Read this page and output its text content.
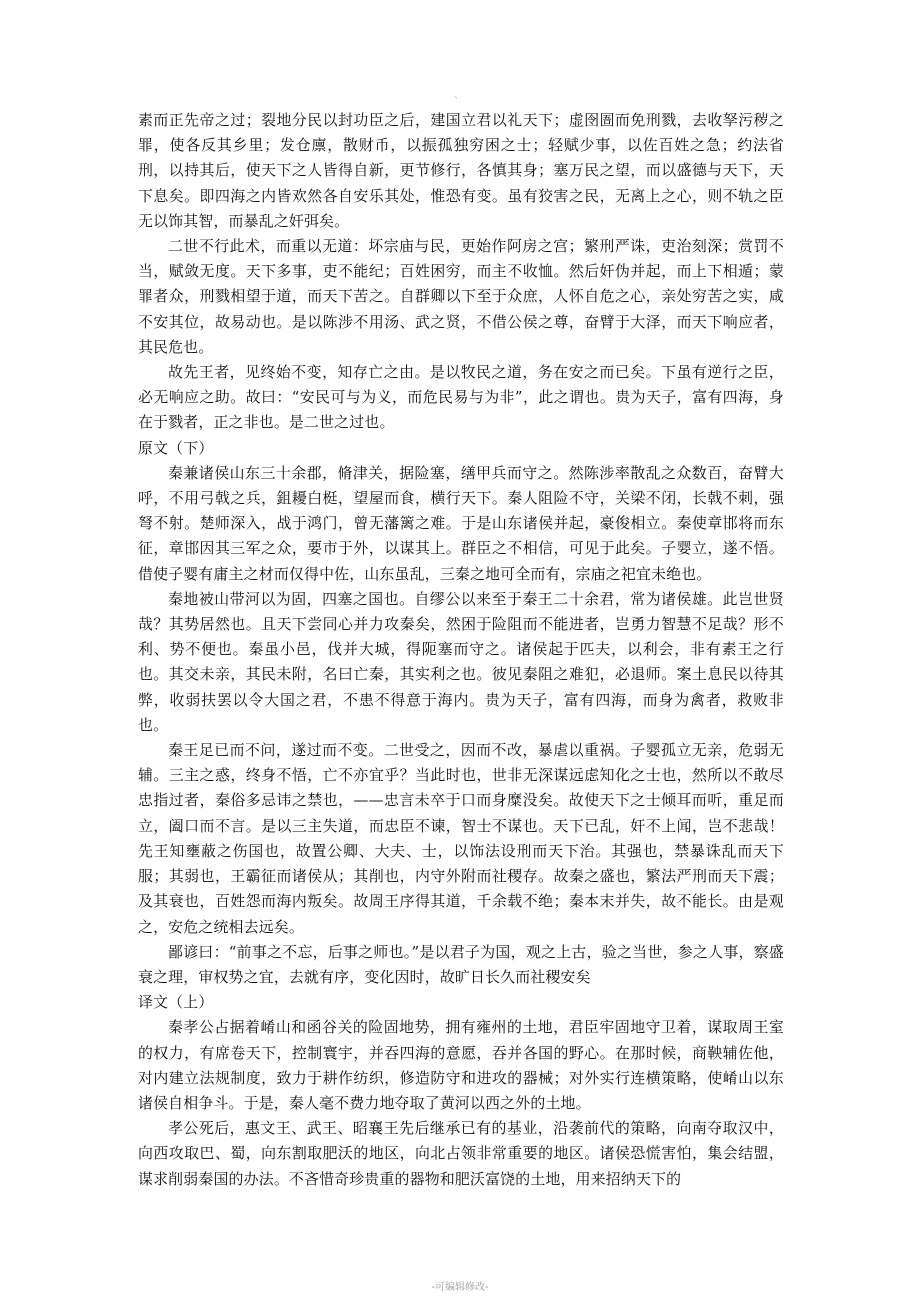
、

素而正先帝之过；裂地分民以封功臣之后，建国立君以礼天下；虚囹圄而免刑戮，去收孥污秽之罪，使各反其乡里；发仓廪，散财币，以振孤独穷困之士；轻赋少事，以佐百姓之急；约法省刑，以持其后，使天下之人皆得自新，更节修行，各慎其身；塞万民之望，而以盛德与天下，天下息矣。即四海之内皆欢然各自安乐其处，惟恐有变。虽有狡害之民，无离上之心，则不轨之臣无以饰其智，而暴乱之奸弭矣。

二世不行此术，而重以无道：坏宗庙与民，更始作阿房之宫；繁刑严诛，吏治刻深；赏罚不当，赋敛无度。天下多事，吏不能纪；百姓困穷，而主不收恤。然后奸伪并起，而上下相遁；蒙罪者众，刑戮相望于道，而天下苦之。自群卿以下至于众庶，人怀自危之心，亲处穷苦之实，咸不安其位，故易动也。是以陈涉不用汤、武之贤，不借公侯之尊，奋臂于大泽，而天下响应者，其民危也。

故先王者，见终始不变，知存亡之由。是以牧民之道，务在安之而已矣。下虽有逆行之臣，必无响应之助。故曰：“安民可与为义，而危民易与为非”，此之谓也。贵为天子，富有四海，身在于戮者，正之非也。是二世之过也。

原文（下）

秦兼诸侯山东三十余郡，脩津关，据险塞，缮甲兵而守之。然陈涉率散乱之众数百，奋臂大呼，不用弓戟之兵，鉏耰白梃，望屋而食，横行天下。秦人阻险不守，关梁不闭，长戟不刺，强弩不射。楚师深入，战于鸿门，曾无藩篱之难。于是山东诸侯并起，豪俊相立。秦使章邯将而东征，章邯因其三军之众，要市于外，以谋其上。群臣之不相信，可见于此矣。子婴立，遂不悟。借使子婴有庸主之材而仅得中佐，山东虽乱，三秦之地可全而有，宗庙之祀宜未绝也。

秦地被山带河以为固，四塞之国也。自缪公以来至于秦王二十余君，常为诸侯雄。此岂世贤哉？其势居然也。且天下尝同心并力攻秦矣，然困于险阻而不能进者，岂勇力智慧不足哉？形不利、势不便也。秦虽小邑，伐并大城，得阨塞而守之。诸侯起于匹夫，以利会，非有素王之行也。其交未亲，其民未附，名曰亡秦，其实利之也。彼见秦阻之难犯，必退师。案土息民以待其弊，收弱扶罢以令大国之君，不患不得意于海内。贵为天子，富有四海，而身为禽者，救败非也。

秦王足已而不问，遂过而不变。二世受之，因而不改，暴虐以重祸。子婴孤立无亲，危弱无辅。三主之惑，终身不悟，亡不亦宜乎？当此时也，世非无深谋远虑知化之士也，然所以不敢尽忠指过者，秦俗多忌讳之禁也，——忠言未卒于口而身糜没矣。故使天下之士倾耳而听，重足而立，阖口而不言。是以三主失道，而忠臣不谏，智士不谋也。天下已乱，奸不上闻，岂不悲哉！先王知壅蔽之伤国也，故置公卿、大夫、士，以饰法设刑而天下治。其强也，禁暴诛乱而天下服；其弱也，王霸征而诸侯从；其削也，内守外附而社稷存。故秦之盛也，繁法严刑而天下震；及其衰也，百姓怨而海内叛矣。故周王序得其道，千余载不绝；秦本末并失，故不能长。由是观之，安危之统相去远矣。

鄙谚曰：“前事之不忘，后事之师也。”是以君子为国，观之上古，验之当世，参之人事，察盛衰之理，审权势之宜，去就有序，变化因时，故旷日长久而社稷安矣

译文（上）

秦孝公占据着崤山和函谷关的险固地势，拥有雍州的土地，君臣牢固地守卫着，谋取周王室的权力，有席卷天下，控制寰宇，并吞四海的意愿，吞并各国的野心。在那时候，商鞅辅佐他，对内建立法规制度，致力于耕作纺织，修造防守和进攻的器械；对外实行连横策略，使崤山以东诸侯自相争斗。于是，秦人毫不费力地夺取了黄河以西之外的土地。

孝公死后，惠文王、武王、昭襄王先后继承已有的基业，沿袭前代的策略，向南夺取汉中，向西攻取巴、蜀，向东割取肥沃的地区，向北占领非常重要的地区。诸侯恐慌害怕，集会结盟，谋求削弱秦国的办法。不吝惜奇珍贵重的器物和肥沃富饶的土地，用来招纳天下的

-可编辑修改-
